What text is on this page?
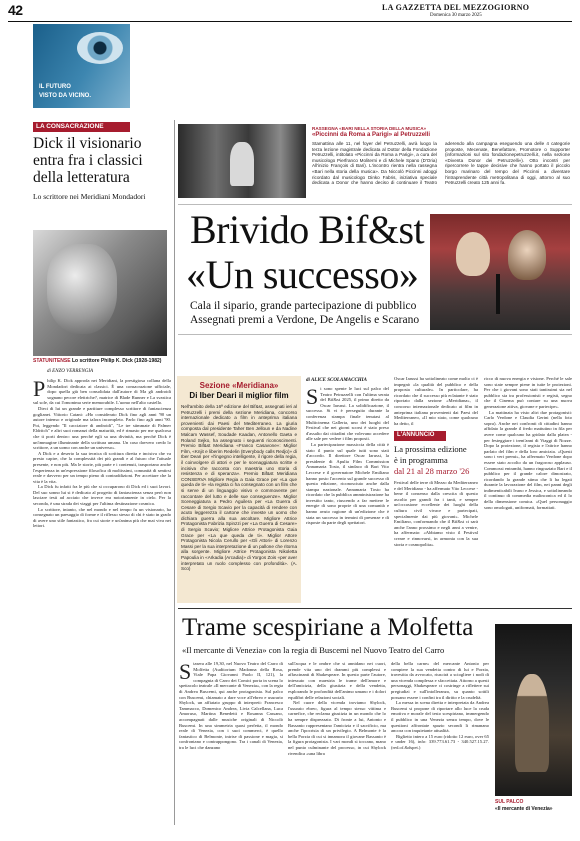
42	LA GAZZETTA DEL MEZZOGIORNO
Domenica 30 marzo 2025
IL FUTURO
VISTO DA VICINO.
LA CONSACRAZIONE
Dick il visionario entra fra i classici della letteratura
Lo scrittore nei Meridiani Mondadori
STATUNITENSE Lo scrittore Philip K. Dick (1928-1982)
di ENZO VERRENGIA
P hilip K. Dick approda nei Meridiani, la prestigiosa collana della Mondadori dedicata ai classici. È una consacrazione ufficiale, dopo quella già ben consolidata dall'autore di Ma gli androidi sognano pecore elettriche?, matrice di Blade Runner e La svastica sul sole, da cui l'omonima serie memorabile. L'uomo nell'alto castello.

Dieci di lui un grande e partiture complesso scrittore di fantascienza goglianei. Vittorio Catani: «Ho considerato Dick fino agli anni '90 un autore intenso e originale ma talora incompleto. Parlo fino agli anni '90. Poi, leggendo "Il cacciatore di androidi", "Le tre stimmate di Palmer Eldritch" e altri suoi romanzi della maturità, ed è rimasto per me qualcosa che ti porti dentro: una perché egli sa una divinità, ma perché Dick è un'immagine illuminante della scrittura umana. Un caso davvero credo lo scrittore, a un uomo con anche un universo».

A Dick e a deserto la sua tecnica di scrittura diretta e incisiva che va presto capire, che la complessità dei più grandi e al futuro che l'attuale presente, e non più. Ma le storie, più parte e i contenuti, trasportano anche l'esperienza in un'espressione filosofica di moltissimi, comunità di sentirsi reale e davvero per un tempo pieno di contraddizioni. Per accettare che la vita è la vita.

La Dick fu infatti fra le più che si occuparono di Dick ed i suoi lavori. Del suo sonno lui si è dedicato al progetto di fantascienza senza però non lasciare testi ad acciaio che invece era notoriamente in cielo. Per la seconda, è una strada dei viaggi per l'ultima destinazione cosmica.

Lo scrittore, intanto, che nel mondo e nel tempo fu un visionario, ha consegnato un paesaggio di forme e il riflesso stesso di chi è stato in grado di avere uno stile fantastico, fra cui storie e un'anima più che mai viva nei lettori.

RASSEGNA «BARI NELLA STORIA DELLA MUSICA»
«Piccinni da Roma a Parigi» al Petruzzelli

Stamattina alle 11, nel foyer del Petruzzelli, avrà luogo la terza lezione magistrale dedicata al Dottor della Fondazione Petruzzelli, intitolato «Piccinni da Roma a Parigi», a cura del musicologo Pierfranco Moliterni e di Michele Spano (D'Oria) All'inizio François di Bari). L'incontro rientra nella rassegna «Bari nella storia della musica». Da Niccolò Piccinni adoggi ricordato dal musicologo Dinko Fabris, iniziativa speciale dedicata a Donor che hanno deciso di continuare il Teatro aderendo alla campagna eseguendo una delle 4 categorie proposte, Mecenate, Benefattore, Promotore o Supporter (informazioni sul sito fondazionepetruzzelli.it, nella sezione «Diventa Donor dei Petruzzelli»). Otto incontri per ripercorrere le tappe decisive che hanno portato il piccolo borgo marinaro del tempo del Piccinni a diventare l'intraprendente città metropolitana di oggi, attorno al suo Petruzzelli creato 125 anni fa.

Brivido Bif&st
«Un successo»
Cala il sipario, grande partecipazione di pubblico
Assegnati premi a Verdone, De Angelis e Scarano
Sezione «Meridiana»
Di Iber Deari il miglior film

Nell'ambito della 16ª edizione del Bif&st, assegnati ieri al Petruzzelli i premi della sezione Meridiana, concorso internazionale dedicato a film in anteprima italiana provenienti dai Paesi del Mediterraneo. La giuria composta dal presidente Taher Ben Jelloun e da Nadine Malcam Wassef, Soudade Kaadan, Antonello Gaeta e Roland Sejko, ha assegnato i seguenti riconoscimenti. Premio Bif&st Meridiana «Franco Casavone»: Miglior Film, «Knjit e liberim Redelin (Everybody calls Redjo)» di Iber Deari per «l'ingegno intelligente, il rigore della regia, il coinvolgere di attori e per le scenaggiatura scritte e incisiva che racconta con maestria uno storia di resistenza e di speranza». Premio Bif&st Meridiana CONSERVA Migliore Regia a Gaia Grace per «La que queda de ti» «la regista ci ha consegnato con un film che si serve di un linguaggio visivo e commovente per raccontare del lutto e delle sue conseguenze». Miglior Sceneggiatura a Pedro Aguilera per «La Guerra di Cesare di Sergio Scavio per la capacità di rendere con acuto leggerezza il cartone che investe un uomo che dichiara guerra alla sua ascoltare. Migliore Attrice Protagonista Fabrizia Spinzzi per «La Guerra di Cesare» di Sergio Scavio; Migliore Attrice Protagonista Gaia Grace per «La que queda de ti». Miglior Attore Protagonista Nicola Cerullo per «Gli Attori» di Lorenzo Massi per la sua interpretazione di un pallone che ritorna alla sorgente. Migliore Attrice Protagonista Nikoletta Papoulia in «Arkadia (Arcadia)» di Yorgos Zois «per aver interpretato un ruolo complesso con profondità». (A. Sco)

di ALICE SCOLAMACCHIA
S i sono spente le luci sul palco del Teatro Petruzzelli con l'ultima serata del Bif&st 2025, il primo diretto da Oscar Iarussi. La solidificazione, il successo. Si vi è perseguito durante la conferenza stampa finale tenutasi al Multicinema Galleria, uno dei luoghi del Festival che nei giorni scorsi è stato preso d'assalto dai cittadini che volevano accedere alle sale per vedere i film proposti.

La partecipazione massiccia della città è stato il punto sul quale tutti sono stati d'accordo. Il direttore Oscar Iarussi, la presidente di Apulia Film Commission Annamaria Tosto, il sindaco di Bari Vito Leccese e il governatore Michele Emiliano hanno posto l'accento sul grande successo di questa edizione, riconosciuto anche dalla stampa nazionale. Annamaria Tosto ha ricordato che la pubblica amministrazione ha investito tanto, riuscendo a far mettere le energie di sono proprie di una comunità e hanno avuto ragione di un'edizione che è stata un successo in termini di presenze e di risposte da parte degli spettatori.

Oscar Iarussi ha sottolineato come molto ci è impegnò «la qualità del pubblico e della proposta culturale». In particolare, ha ricordato che il successo più eclatante è stato riportato dalla sezione «Meridiana», il concorso internazionale dedicato ai film in anteprima italiana provenienti dai Paesi del Mediterraneo, «Il mio stato, come qualcuno ha detto, il

L'ANNUNCIO
La prossima edizione
è in programma
dal 21 al 28 marzo '26

Festival delle terre di Mezzo da Mediterraneo e del Meridiano - ha affermato Vito Leccese - bene il consenso dalla crescita di questo ascolto per grandi fra i tanti, e sempre un'occasione eccellente dei luoghi della cultura civil vivace e partecipati, specialmente dai più giovani». Michele Emiliano, conformando che il Bif&st ci sarà anche l'anno prossimo e negli anni a venire, ha affermato: «Abbiamo visto il Festival creare e rinnovarsi, in armonia con la sua storia e cosmopolita».

ricco di nuova energia e visione. Perché le sale sono state sempre piene in tutte le proiezioni. Per che i giovani sono stati tantissimi sia nel pubblico sia tra professionisti e registi, segno che il Cinema può contare su una nuova generazione attiva, giovane e partecipe».

La mattinata ha visto altri due protagonisti: Carlo Verdone e Claudia Gerini (nella foto sopra). Anche nei confronti di cittadini hanno affidato la grande il fredo mattutino in fila per avere come qualcuno ha gridato dalla platea - per festeggiare i trent'anni di Viaggi di Nozze. Dopo la proiezione, il regista e l'attrice hanno parlato del film e della loro amicizia. «Questi sono i veri premi», ha affermato Verdone dopo essere stato accolto da un fragoroso applauso. Commossi entrambi, hanno ringraziato Bari e il pubblico per il grande calore dimostrato, ricordando la grande stima che li ha legati durante la lavorazione del film, nei panni degli indimenticabili Ivano e Jessica, e sottolineando il continuo di commedia malinconica ed il lo della dimensione comica. «Quel personaggio sono omologati, uniformati, formattati.

Trame scespiriane a Molfetta
«Il mercante di Venezia» con la regia di Buscemi nel Nuovo Teatro del Carro
S tasera alle 19,30, nel Nuovo Teatro del Carro di Molfetta (Auditorium Madonna della Rosa, Viale Papa Giovanni Paolo II, 121), la compagnia di Carro dei Comici porta in scena lo spettacolo teatrale «Il mercante di Venezia», con la regia di Andrea Buscemi, qui anche protagonista. Sul palco con Buscemi, chiamato a dare voce all'ebreo e usurario Shylock, un affiatato gruppo di interpreti: Francesco Tammacco, Domenico Andrea, Livia Calcellana, Luca Amoruso, Martina Benedetti e Rosanna Cassano, accompagnati dalle musiche originali di Niccolò Buscemi. In una simmetria quasi perfetta, il mondo reale di Venezia, con i suoi commerci, è quello fantastico di Belmonte, intrise di passione e magia, si confrontano e contrappongono. Tra i canali di Venezia, tra le luci che danzano

sull'acqua e le ombre che si annidano nei cuori, prende vita uno dei drammi più complessi e affascinanti di Shakespeare. In questo parte l'autore, intessuto con maestria le trame dell'amore e dell'amicizia, della giustizia e della vendetta, esplorando le profondità dell'animo umano e i dolori equilibri delle relazioni sociali.

Nel cuore della vicenda troviamo Shylock, l'usuraio ebreo, figura al tempo stesso vittima e carnefice, che reclama giustizia in un mondo che lo ha sempre disprezzato. Di fronte a lui, Antonio e Bassanio rappresentano l'amicizia e il sacrificio, ma anche l'ipocrisia di un privilegio. A Belmonte è la bella Porzia di cui si innamora il giovane Bassanio è la figura protagonista. I vari mondi si toccano, mano nel punto culminante del processo, in cui Shylock rivendica «una libra

della bella carne» del mercante Antonio per compiere la sua vendetta contro di lui e Porzia, travestita da avvocato, riuscirà a sciogliere i nodi di una vicenda complessa e sfaccettata. Attorno a questi personaggi, Shakespeare ci costringe a riflettere sui pregiudizi e sull'intolleranza, su quanto sottili possano essere i confini tra il diritto e la crudeltà.

La messa in scena diretta e interpretata da Andrea Buscemi si propone di riportare allo luce la cruda emotiva e morale del testo scespiriano, immergendo il pubblico in una Venezia senza tempo, dove le questioni affrontate spazio secondi li rimanano ancora con inquietante attualità.

Biglietto intero a 15 euro (ridotto 12 euro, over 65 e under 16), info: 339.773.61.73 - 340.527.15.27. (red.of.&dspet.)

SUL PALCO
«Il mercante di Venezia»
